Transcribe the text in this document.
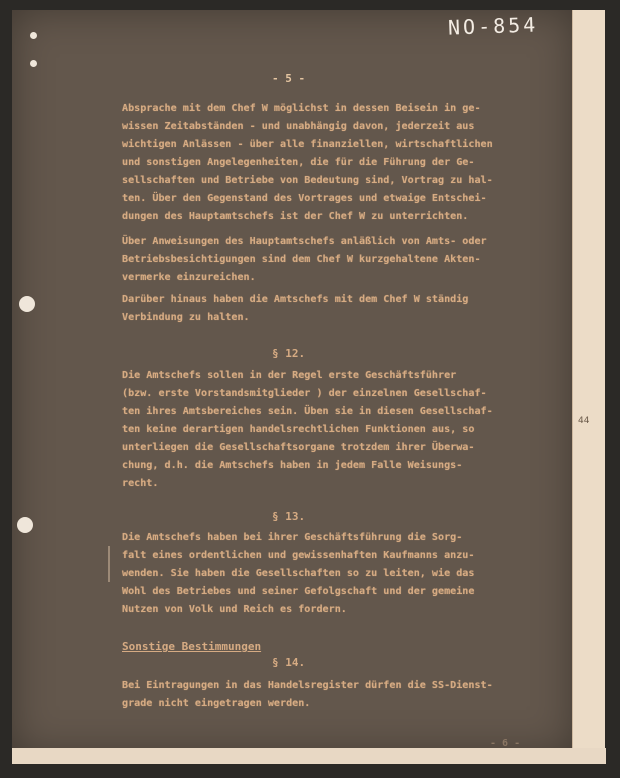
NO-854
- 5 -
Absprache mit dem Chef W möglichst in dessen Beisein in ge-
wissen Zeitabständen - und unabhängig davon, jederzeit aus
wichtigen Anlässen - über alle finanziellen, wirtschaftlichen
und sonstigen Angelegenheiten, die für die Führung der Ge-
sellschaften und Betriebe von Bedeutung sind, Vortrag zu hal-
ten. Über den Gegenstand des Vortrages und etwaige Entschei-
dungen des Hauptamtschefs ist der Chef W zu unterrichten.
Über Anweisungen des Hauptamtschefs anläßlich von Amts- oder
Betriebsbesichtigungen sind dem Chef W kurzgehaltene Akten-
vermerke einzureichen.
Darüber hinaus haben die Amtschefs mit dem Chef W ständig
Verbindung zu halten.
Die Amtschefs sollen in der Regel erste Geschäftsführer
(bzw. erste Vorstandsmitglieder ) der einzelnen Gesellschaf-
ten ihres Amtsbereiches sein. Üben sie in diesen Gesellschaf-
ten keine derartigen handelsrechtlichen Funktionen aus, so
unterliegen die Gesellschaftsorgane trotzdem ihrer Überwa-
chung, d.h. die Amtschefs haben in jedem Falle Weisungs-
recht.
Die Amtschefs haben bei ihrer Geschäftsführung die Sorg-
falt eines ordentlichen und gewissenhaften Kaufmanns anzu-
wenden. Sie haben die Gesellschaften so zu leiten, wie das
Wohl des Betriebes und seiner Gefolgschaft und der gemeine
Nutzen von Volk und Reich es fordern.
Bei Eintragungen in das Handelsregister dürfen die SS-Dienst-
grade nicht eingetragen werden.
§ 12.
§ 13.
Sonstige Bestimmungen
§ 14.
44
- 6 -
